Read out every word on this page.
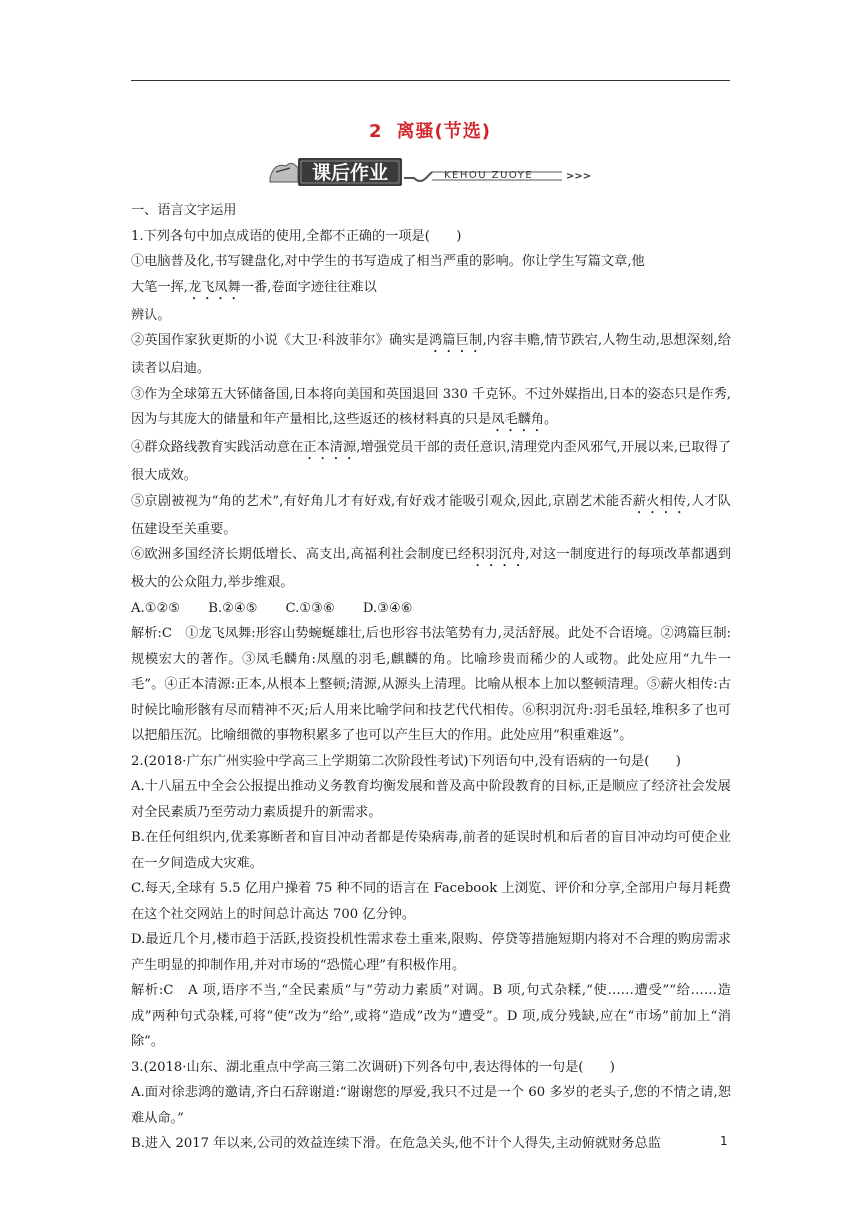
2 离骚(节选)
课后作业	KEHOU ZUOYE	>>>

一、语言文字运用

1.下列各句中加点成语的使用,全都不正确的一项是(　　)

①电脑普及化,书写键盘化,对中学生的书写造成了相当严重的影响。你让学生写篇文章,他
大笔一挥,龙飞凤舞一番,卷面字迹往往难以

辨认。

②英国作家狄更斯的小说《大卫·科波菲尔》确实是鸿篇巨制,内容丰赡,情节跌宕,人物生动,思想深刻,给读者以启迪。

③作为全球第五大钚储备国,日本将向美国和英国退回 330 千克钚。不过外媒指出,日本的姿态只是作秀,因为与其庞大的储量和年产量相比,这些返还的核材料真的只是凤毛麟角。

④群众路线教育实践活动意在正本清源,增强党员干部的责任意识,清理党内歪风邪气,开展以来,已取得了很大成效。

⑤京剧被视为“角的艺术”,有好角儿才有好戏,有好戏才能吸引观众,因此,京剧艺术能否薪火相传,人才队伍建设至关重要。

⑥欧洲多国经济长期低增长、高支出,高福利社会制度已经积羽沉舟,对这一制度进行的每项改革都遇到极大的公众阻力,举步维艰。

A.①②⑤ B.②④⑤ C.①③⑥ D.③④⑥

解析:C　①龙飞凤舞:形容山势蜿蜒雄壮,后也形容书法笔势有力,灵活舒展。此处不合语境。②鸿篇巨制:规模宏大的著作。③凤毛麟角:凤凰的羽毛,麒麟的角。比喻珍贵而稀少的人或物。此处应用“九牛一毛”。④正本清源:正本,从根本上整顿;清源,从源头上清理。比喻从根本上加以整顿清理。⑤薪火相传:古时候比喻形骸有尽而精神不灭;后人用来比喻学问和技艺代代相传。⑥积羽沉舟:羽毛虽轻,堆积多了也可以把船压沉。比喻细微的事物积累多了也可以产生巨大的作用。此处应用“积重难返”。

2.(2018·广东广州实验中学高三上学期第二次阶段性考试)下列语句中,没有语病的一句是(　　)

A.十八届五中全会公报提出推动义务教育均衡发展和普及高中阶段教育的目标,正是顺应了经济社会发展对全民素质乃至劳动力素质提升的新需求。

B.在任何组织内,优柔寡断者和盲目冲动者都是传染病毒,前者的延误时机和后者的盲目冲动均可使企业在一夕间造成大灾难。

C.每天,全球有 5.5 亿用户操着 75 种不同的语言在 Facebook 上浏览、评价和分享,全部用户每月耗费在这个社交网站上的时间总计高达 700 亿分钟。

D.最近几个月,楼市趋于活跃,投资投机性需求卷土重来,限购、停贷等措施短期内将对不合理的购房需求产生明显的抑制作用,并对市场的“恐慌心理”有积极作用。

解析:C　A 项,语序不当,“全民素质”与“劳动力素质”对调。B 项,句式杂糅,“使……遭受”“给……造成”两种句式杂糅,可将“使”改为“给”,或将“造成”改为“遭受”。D 项,成分残缺,应在“市场”前加上“消除”。

3.(2018·山东、湖北重点中学高三第二次调研)下列各句中,表达得体的一句是(　　)

A.面对徐悲鸿的邀请,齐白石辞谢道:“谢谢您的厚爱,我只不过是一个 60 多岁的老头子,您的不情之请,恕难从命。”

B.进入 2017 年以来,公司的效益连续下滑。在危急关头,他不计个人得失,主动俯就财务总监	1
